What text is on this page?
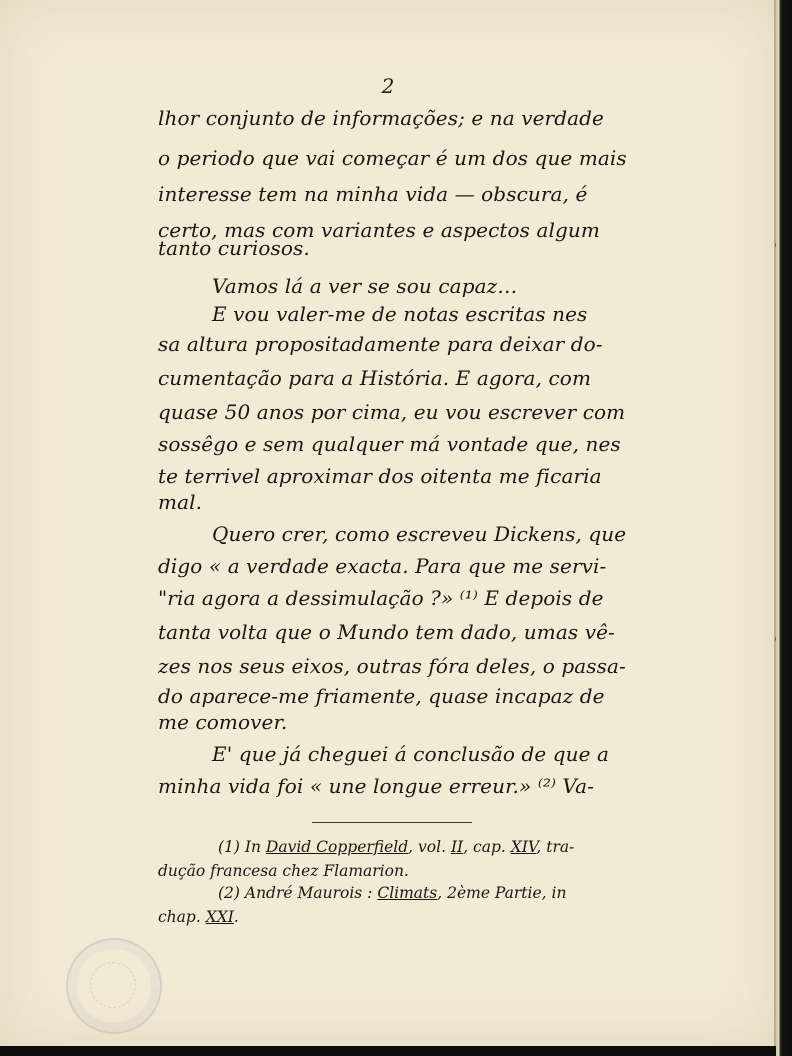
2
lhor conjunto de informações; e na verdade
o periodo que vai começar é um dos que mais
interesse tem na minha vida — obscura, é
certo, mas com variantes e aspectos algum
tanto curiosos.
Vamos lá a ver se sou capaz…
E vou valer-me de notas escritas nes
sa altura propositadamente para deixar do-
cumentação para a História. E agora, com
quase 50 anos por cima, eu vou escrever com
sossêgo e sem qualquer má vontade que, nes
te terrivel aproximar dos oitenta me ficaria
mal.
Quero crer, como escreveu Dickens, que
digo « a verdade exacta. Para que me servi-
"ria agora a dessimulação ?» ⁽¹⁾ E depois de
tanta volta que o Mundo tem dado, umas vê-
zes nos seus eixos, outras fóra deles, o passa-
do aparece-me friamente, quase incapaz de
me comover.
E' que já cheguei á conclusão de que a
minha vida foi « une longue erreur.» ⁽²⁾ Va-
(1) In David Copperfield, vol. II, cap. XIV, tra-
dução francesa chez Flamarion.
(2) André Maurois : Climats, 2ème Partie, in
chap. XXI.
